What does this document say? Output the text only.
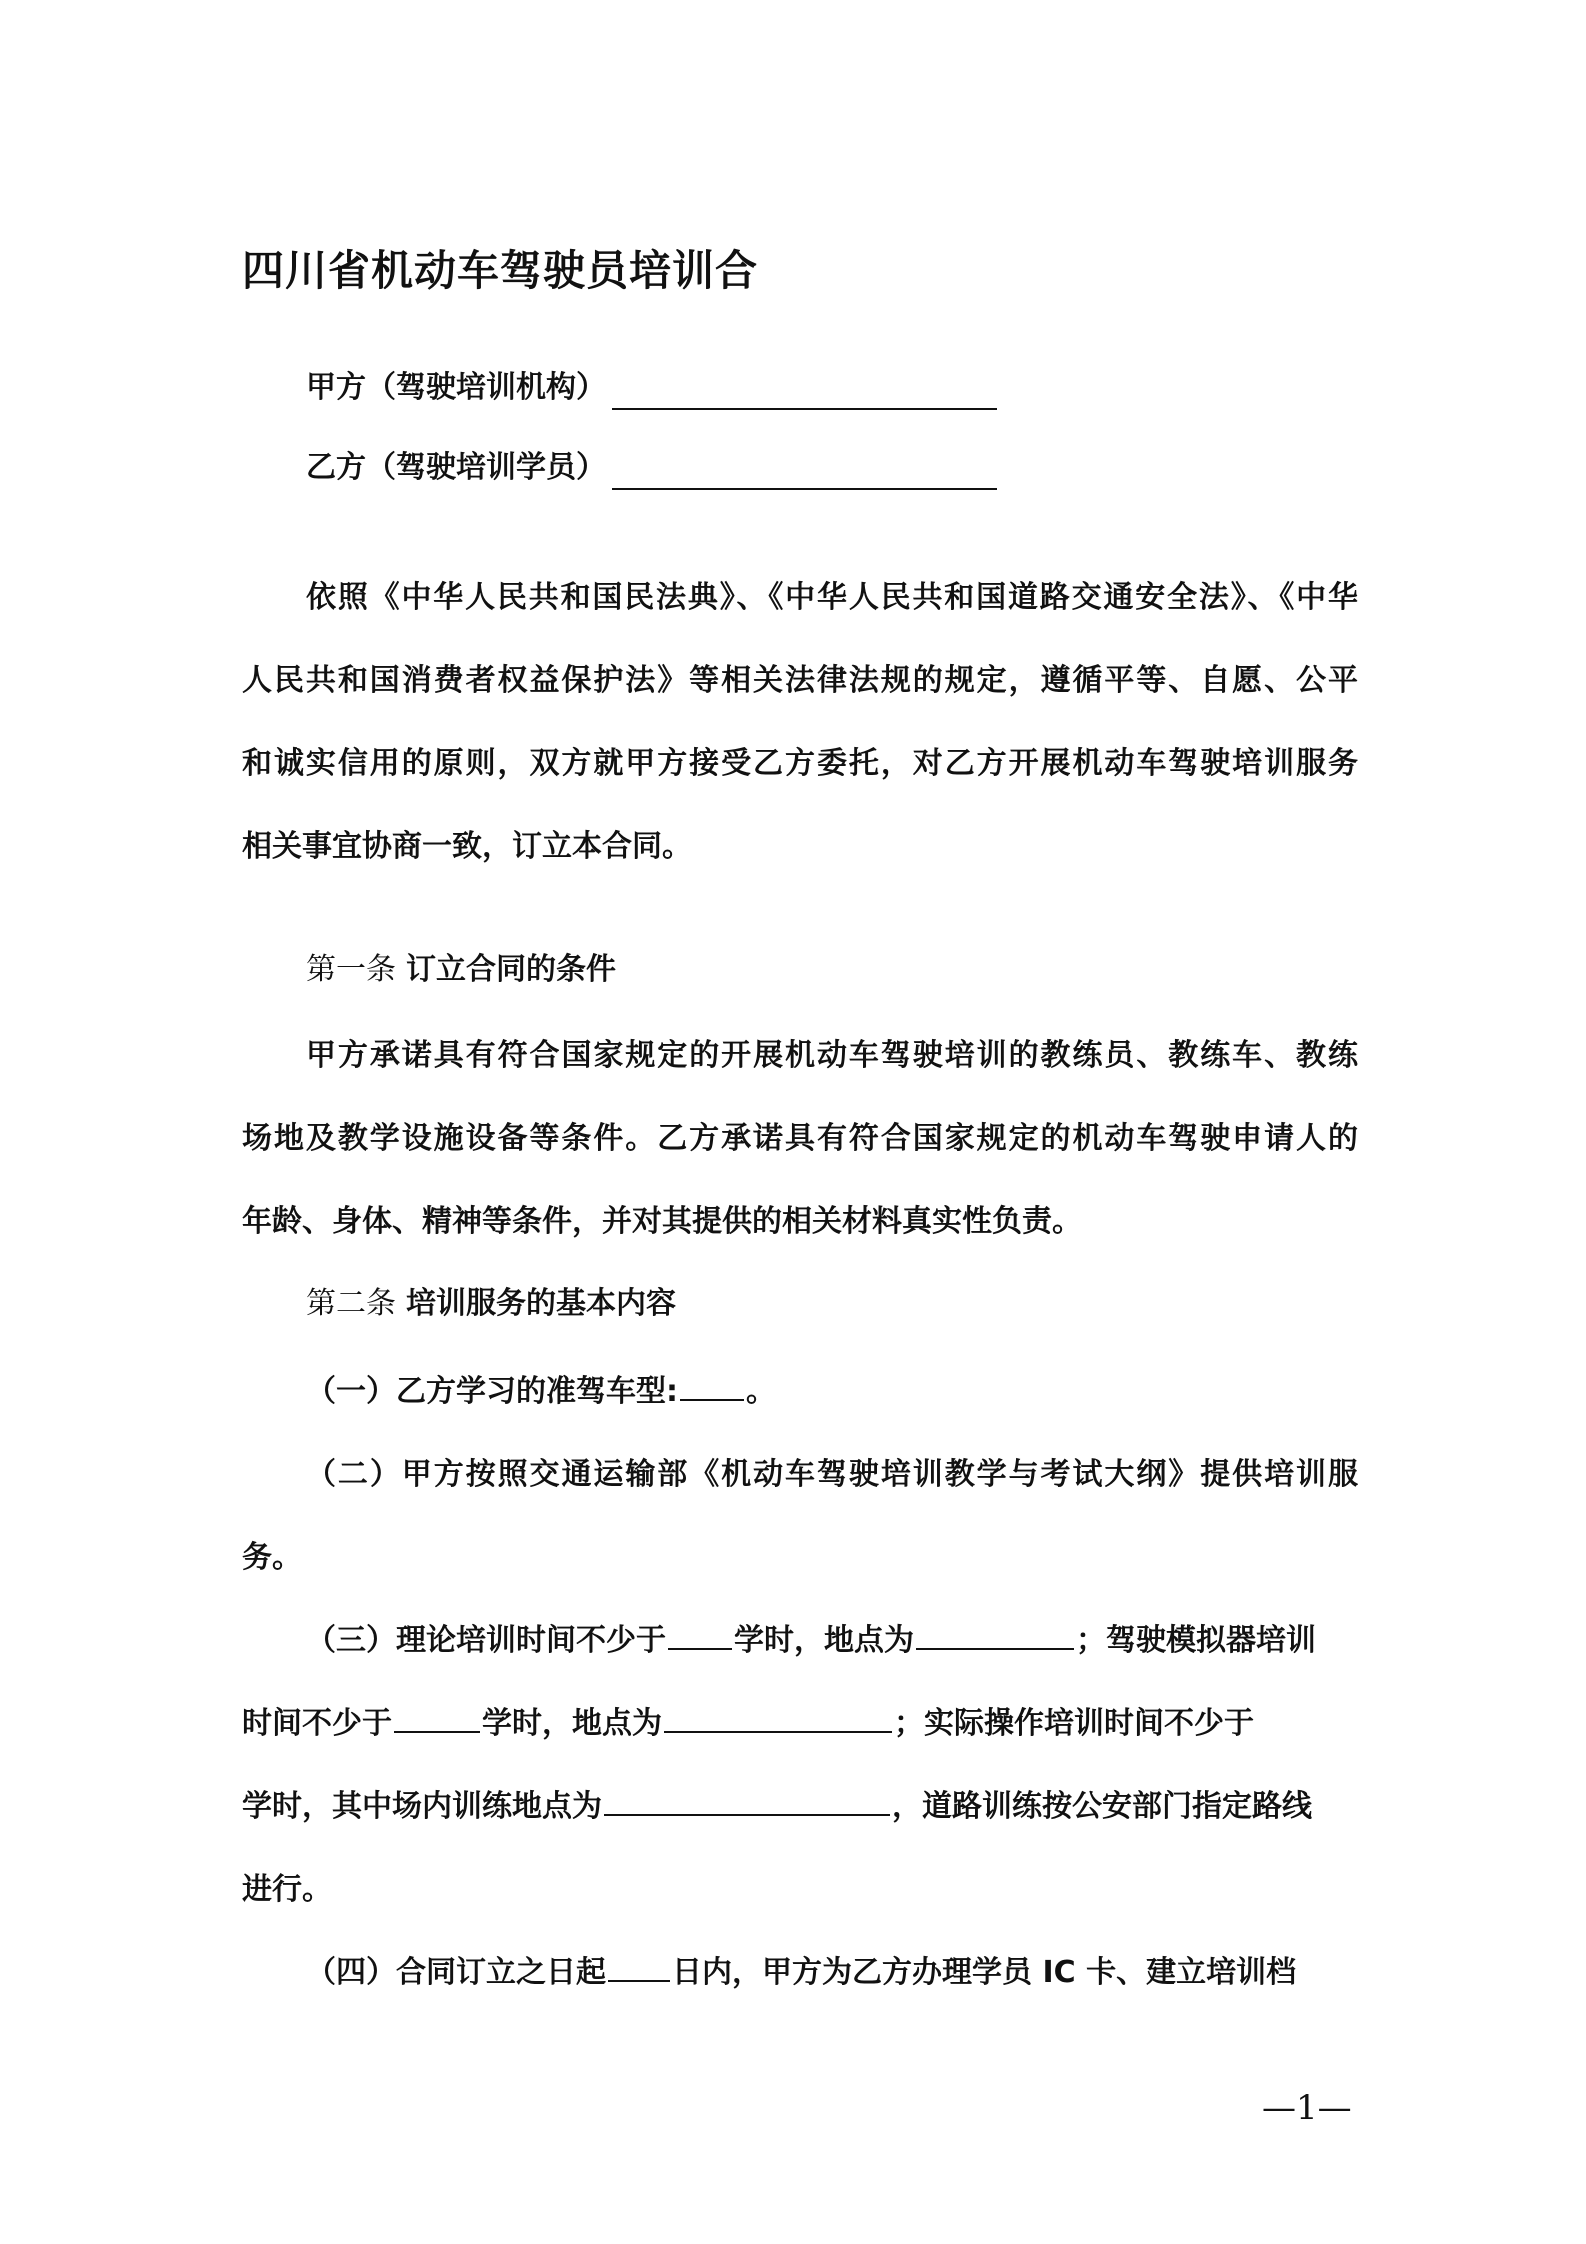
四川省机动车驾驶员培训合
甲方（驾驶培训机构）
乙方（驾驶培训学员）
依照《中华人民共和国民法典》、《中华人民共和国道路交通安全法》、《中华
人民共和国消费者权益保护法》等相关法律法规的规定，遵循平等、自愿、公平
和诚实信用的原则，双方就甲方接受乙方委托，对乙方开展机动车驾驶培训服务
相关事宜协商一致，订立本合同。
第一条 订立合同的条件
甲方承诺具有符合国家规定的开展机动车驾驶培训的教练员、教练车、教练
场地及教学设施设备等条件。乙方承诺具有符合国家规定的机动车驾驶申请人的
年龄、身体、精神等条件，并对其提供的相关材料真实性负责。
第二条 培训服务的基本内容
（一）乙方学习的准驾车型: 。
（二）甲方按照交通运输部《机动车驾驶培训教学与考试大纲》提供培训服
务。
（三）理论培训时间不少于 学时，地点为	；驾驶模拟器培训
时间不少于	学时，地点为	；实际操作培训时间不少于
学时，其中场内训练地点为	，道路训练按公安部门指定路线
进行。
（四）合同订立之日起 日内，甲方为乙方办理学员 IC 卡、建立培训档
—1—
